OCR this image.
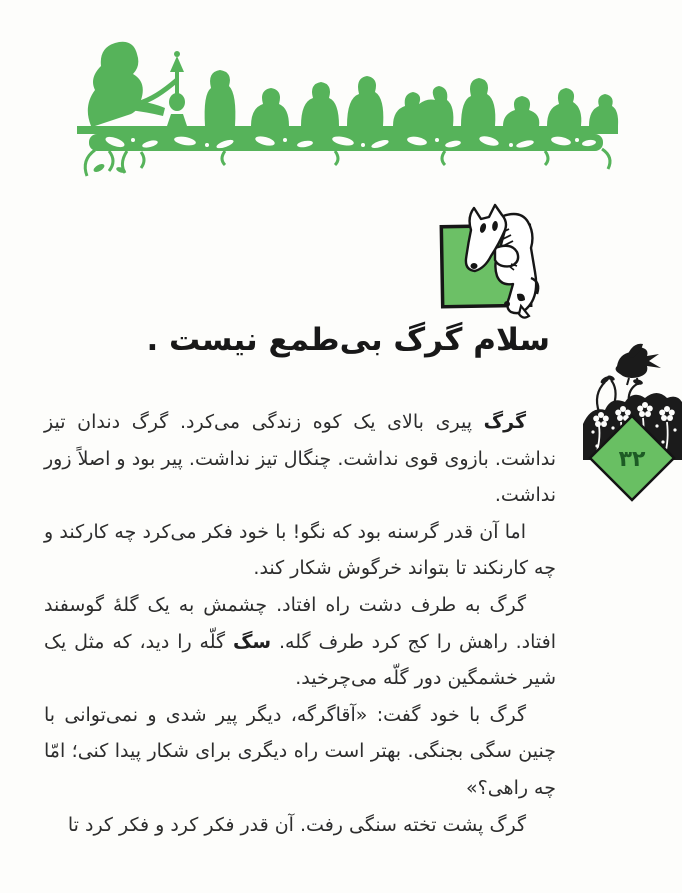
سلام گرگ بی‌طمع نیست .
۳۲

گرگ پیری بالای یک کوه زندگی می‌کرد. گرگ دندان تیز نداشت. بازوی قوی نداشت. چنگال تیز نداشت. پیر بود و اصلاً زور نداشت.

اما آن قدر گرسنه بود که نگو! با خود فکر می‌کرد چه کارکند و چه کارنکند تا بتواند خرگوش شکار کند.

گرگ به طرف دشت راه افتاد. چشمش به یک گلهٔ گوسفند افتاد. راهش را کج کرد طرف گله. سگ گلّه را دید، که مثل یک شیر خشمگین دور گلّه می‌چرخید.

گرگ با خود گفت: «آقاگرگه، دیگر پیر شدی و نمی‌توانی با چنین سگی بجنگی. بهتر است راه دیگری برای شکار پیدا کنی؛ امّا چه راهی؟»

گرگ پشت تخته سنگی رفت. آن قدر فکر کرد و فکر کرد تا
